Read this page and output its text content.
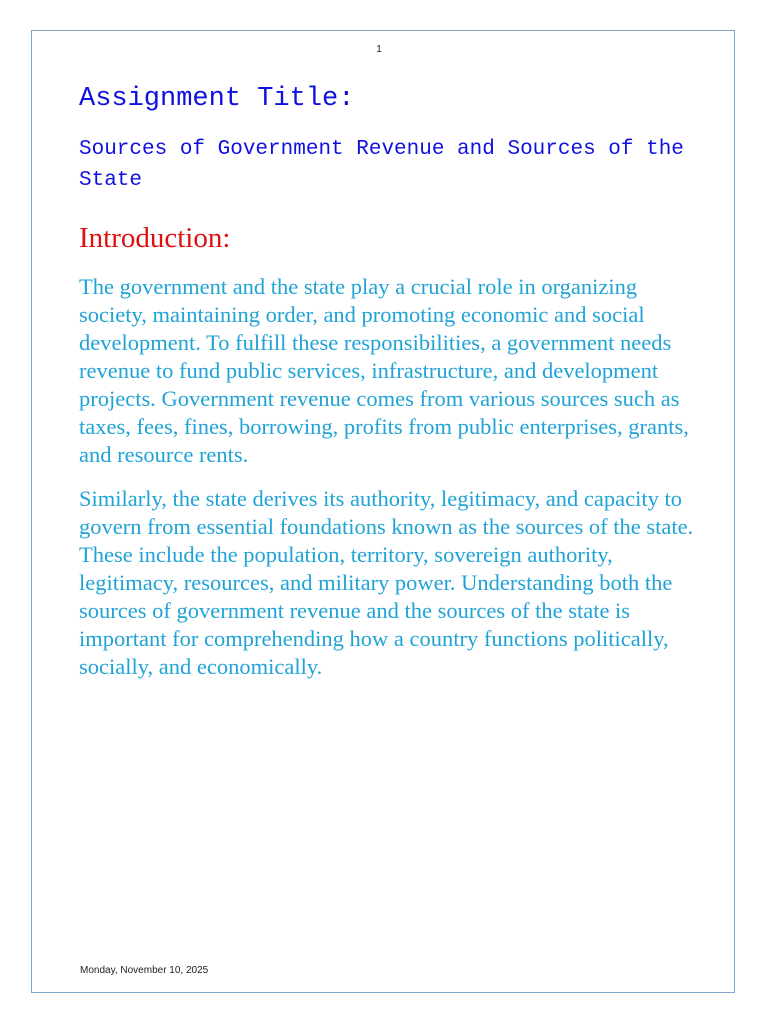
1
Assignment Title:

Sources of Government Revenue and Sources of the State

Introduction:

The government and the state play a crucial role in organizing society, maintaining order, and promoting economic and social development. To fulfill these responsibilities, a government needs revenue to fund public services, infrastructure, and development projects. Government revenue comes from various sources such as taxes, fees, fines, borrowing, profits from public enterprises, grants, and resource rents.

Similarly, the state derives its authority, legitimacy, and capacity to govern from essential foundations known as the sources of the state. These include the population, territory, sovereign authority, legitimacy, resources, and military power. Understanding both the sources of government revenue and the sources of the state is important for comprehending how a country functions politically, socially, and economically.

Monday, November 10, 2025
